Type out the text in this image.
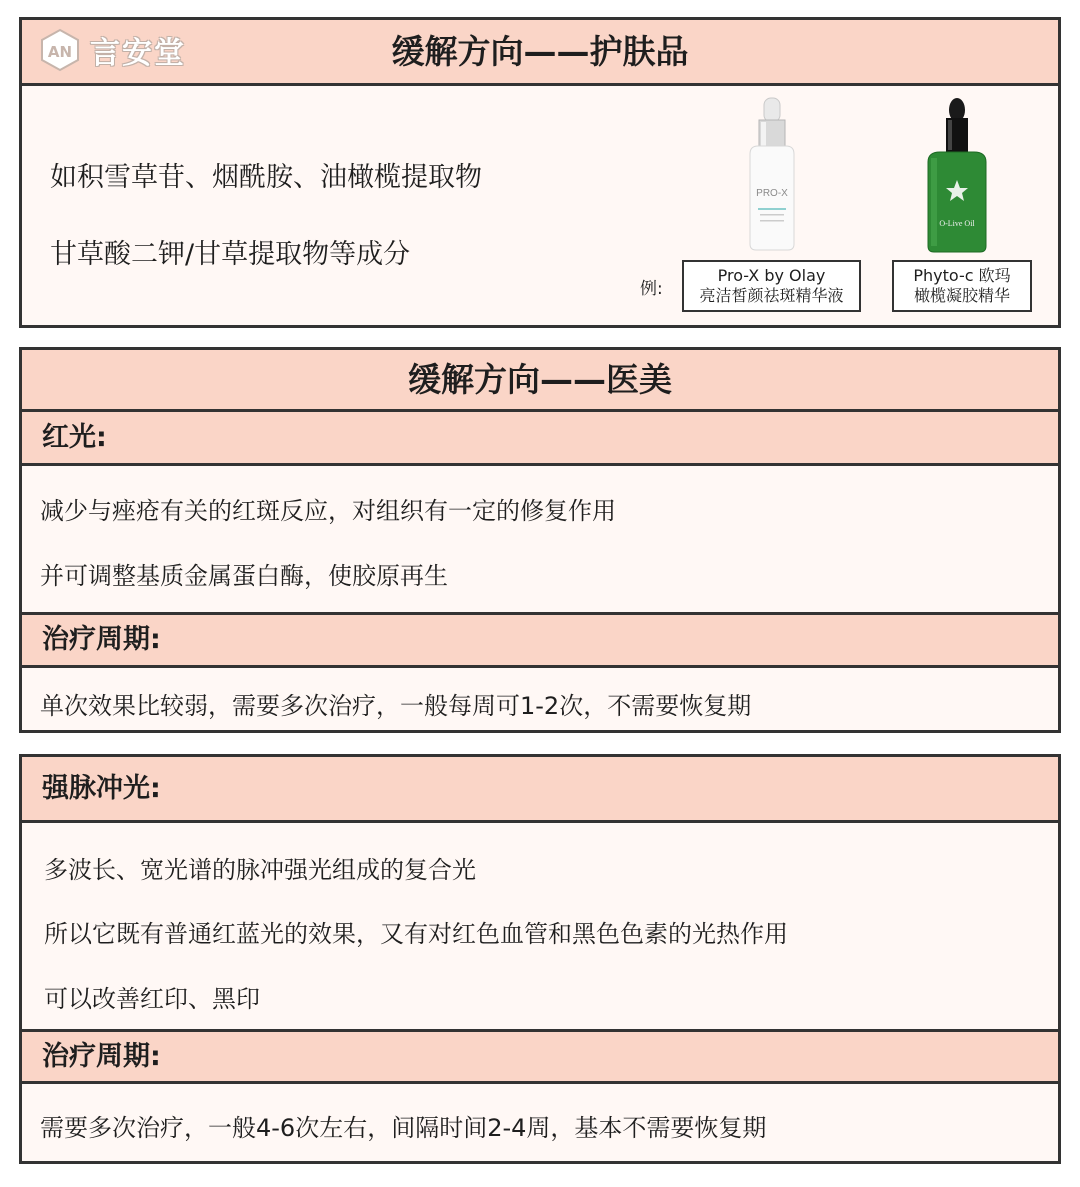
缓解方向——护肤品
如积雪草苷、烟酰胺、油橄榄提取物
甘草酸二钾/甘草提取物等成分
例:
PRO-X
O-Live Oil
Pro-X by Olay
亮洁皙颜祛斑精华液
Phyto-c 欧玛
橄榄凝胶精华
AN 言安堂
缓解方向——医美
红光:
减少与痤疮有关的红斑反应，对组织有一定的修复作用
并可调整基质金属蛋白酶，使胶原再生
治疗周期:
单次效果比较弱，需要多次治疗，一般每周可1-2次，不需要恢复期
强脉冲光:
多波长、宽光谱的脉冲强光组成的复合光
所以它既有普通红蓝光的效果，又有对红色血管和黑色色素的光热作用
可以改善红印、黑印
治疗周期:
需要多次治疗，一般4-6次左右，间隔时间2-4周，基本不需要恢复期
